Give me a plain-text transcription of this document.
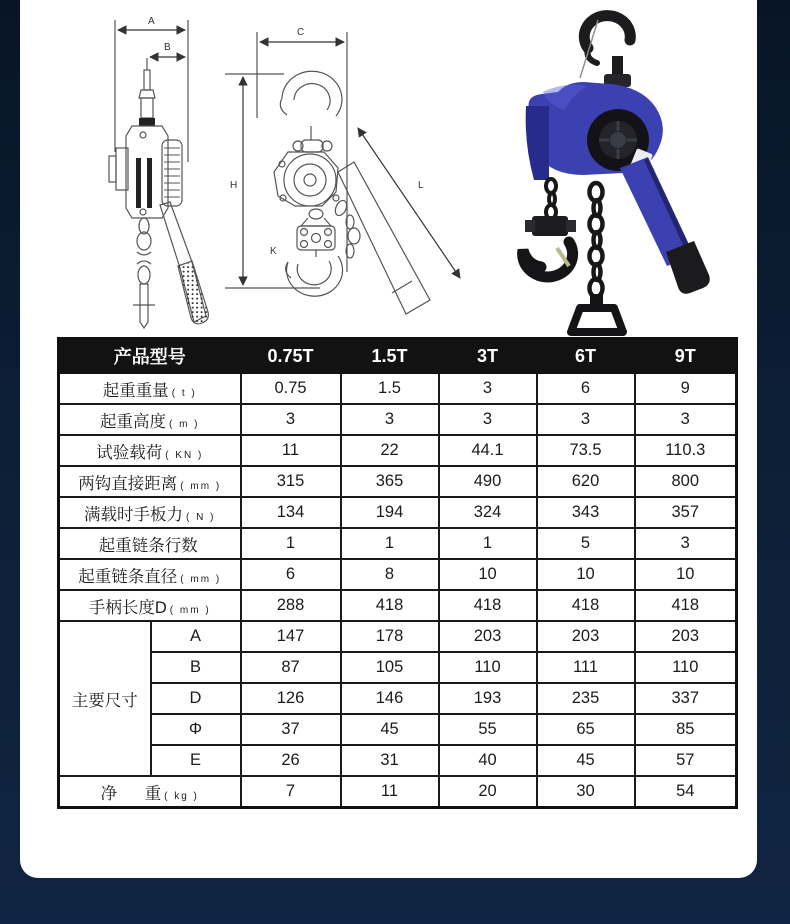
A
B
C
H	L
K
产品型号		0.75T	1.5T	3T	6T	9T
起重重量 ( t )		0.75	1.5	3	6	9
起重高度 ( m )		3	3	3	3	3
试验载荷 ( KN )		11	22	44.1	73.5	110.3
两钩直接距离 ( mm )		315	365	490	620	800
满载时手板力 ( N )		134	194	324	343	357
起重链条行数		1	1	1	5	3
起重链条直径 ( mm )		6	8	10	10	10
手柄长度D ( mm )		288	418	418	418	418
主要尺寸	A	147	178	203	203	203
	B	87	105	110	111	110
	D	126	146	193	235	337
	Φ	37	45	55	65	85
	E	26	31	40	45	57
净      重 ( kg )		7	11	20	30	54
